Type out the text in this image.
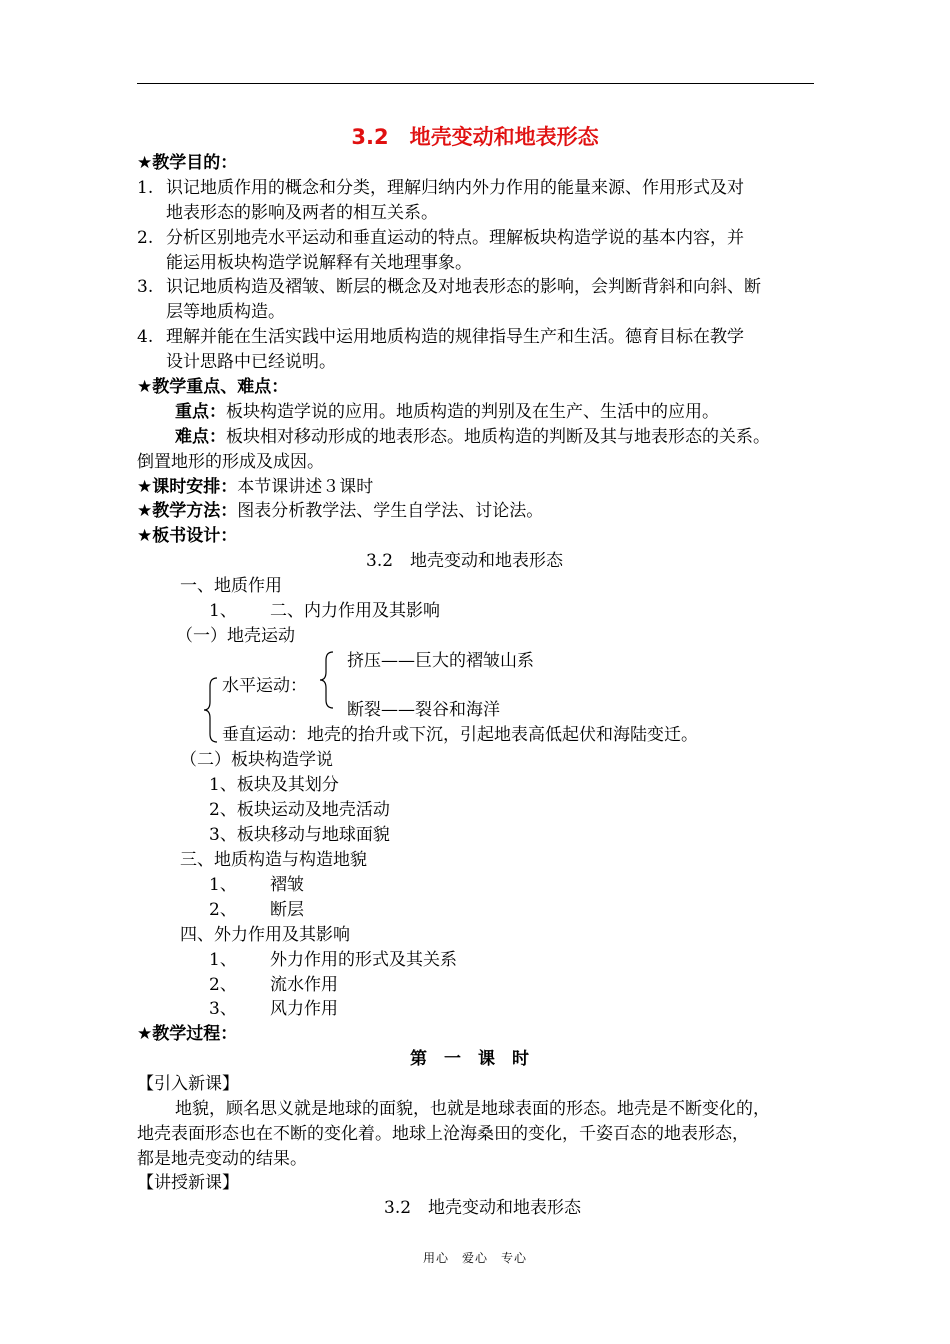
3.2　地壳变动和地表形态
★教学目的：
1. 识记地质作用的概念和分类，理解归纳内外力作用的能量来源、作用形式及对
地表形态的影响及两者的相互关系。
2. 分析区别地壳水平运动和垂直运动的特点。理解板块构造学说的基本内容，并
能运用板块构造学说解释有关地理事象。
3. 识记地质构造及褶皱、断层的概念及对地表形态的影响，会判断背斜和向斜、断
层等地质构造。
4. 理解并能在生活实践中运用地质构造的规律指导生产和生活。德育目标在教学
设计思路中已经说明。
★教学重点、难点：
重点：板块构造学说的应用。地质构造的判别及在生产、生活中的应用。
难点：板块相对移动形成的地表形态。地质构造的判断及其与地表形态的关系。
倒置地形的形成及成因。
★课时安排：本节课讲述３课时
★教学方法：图表分析教学法、学生自学法、讨论法。
★板书设计：
3.2　地壳变动和地表形态
一、地质作用
1、 二、内力作用及其影响
（一）地壳运动
挤压——巨大的褶皱山系
水平运动：
断裂——裂谷和海洋
垂直运动：地壳的抬升或下沉，引起地表高低起伏和海陆变迁。
（二）板块构造学说
1、板块及其划分
2、板块运动及地壳活动
3、板块移动与地球面貌
三、地质构造与构造地貌
1、 褶皱
2、 断层
四、外力作用及其影响
1、 外力作用的形式及其关系
2、 流水作用
3、 风力作用
★教学过程：
第　一　课　时
【引入新课】
地貌，顾名思义就是地球的面貌，也就是地球表面的形态。地壳是不断变化的，
地壳表面形态也在不断的变化着。地球上沧海桑田的变化，千姿百态的地表形态，
都是地壳变动的结果。
【讲授新课】
3.2　地壳变动和地表形态
用心　爱心　专心
